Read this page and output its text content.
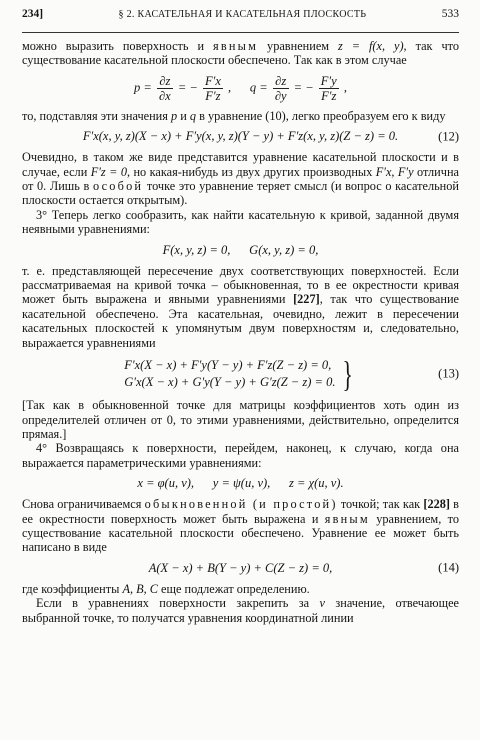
234]	§ 2. КАСАТЕЛЬНАЯ И КАСАТЕЛЬНАЯ ПЛОСКОСТЬ	533

можно выразить поверхность и явным уравнением z = f(x, y), так что существование касательной плоскости обеспечено. Так как в этом случае

$p = \frac{\partial z}{\partial x}$ = − $\frac{F'x}{F'z}$ ,      $q = \frac{\partial z}{\partial y}$ = − $\frac{F'y}{F'z}$ ,

то, подставляя эти значения p и q в уравнение (10), легко преобразуем его к виду

F′x(x, y, z)(X − x) + F′y(x, y, z)(Y − y) + F′z(x, y, z)(Z − z) = 0.	(12)

Очевидно, в таком же виде представится уравнение касательной плоскости и в случае, если F′z = 0, но какая-нибудь из двух других производных F′x, F′y отлична от 0. Лишь в особой точке это уравнение теряет смысл (и вопрос о касательной плоскости остается открытым).

3° Теперь легко сообразить, как найти касательную к кривой, заданной двумя неявными уравнениями:

F(x, y, z) = 0,      G(x, y, z) = 0,

т. е. представляющей пересечение двух соответствующих поверхностей. Если рассматриваемая на кривой точка – обыкновенная, то в ее окрестности кривая может быть выражена и явными уравнениями [227], так что существование касательной обеспечено. Эта касательная, очевидно, лежит в пересечении касательных плоскостей к упомянутым двум поверхностям и, следовательно, выражается уравнениями

F′x(X − x) + F′y(Y − y) + F′z(Z − z) = 0,
G′x(X − x) + G′y(Y − y) + G′z(Z − z) = 0. }	(13)

[Так как в обыкновенной точке для матрицы коэффициентов хоть один из определителей отличен от 0, то этими уравнениями, действительно, определится прямая.]

4° Возвращаясь к поверхности, перейдем, наконец, к случаю, когда она выражается параметрическими уравнениями:

x = φ(u, v),      y = ψ(u, v),      z = χ(u, v).

Снова ограничиваемся обыкновенной (и простой) точкой; так как [228] в ее окрестности поверхность может быть выражена и явным уравнением, то существование касательной плоскости обеспечено. Уравнение ее может быть написано в виде

A(X − x) + B(Y − y) + C(Z − z) = 0,	(14)

где коэффициенты A, B, C еще подлежат определению.

Если в уравнениях поверхности закрепить за v значение, отвечающее выбранной точке, то получатся уравнения координатной линии
